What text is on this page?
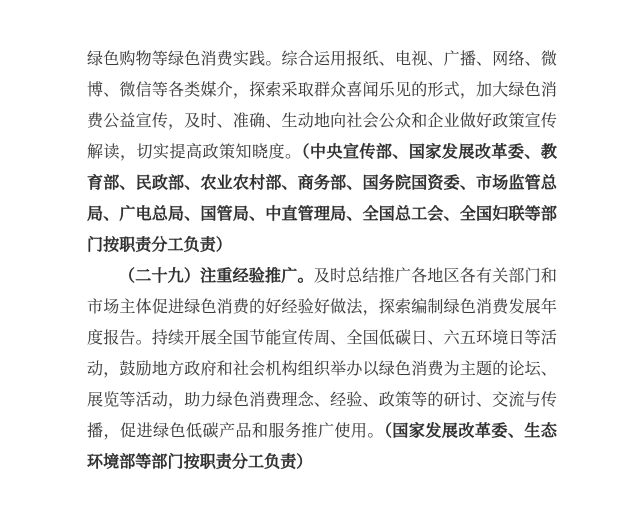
绿色购物等绿色消费实践。综合运用报纸、电视、广播、网络、微
博、微信等各类媒介，探索采取群众喜闻乐见的形式，加大绿色消
费公益宣传，及时、准确、生动地向社会公众和企业做好政策宣传
解读，切实提高政策知晓度。（中央宣传部、国家发展改革委、教
育部、民政部、农业农村部、商务部、国务院国资委、市场监管总
局、广电总局、国管局、中直管理局、全国总工会、全国妇联等部
门按职责分工负责）
（二十九）注重经验推广。及时总结推广各地区各有关部门和
市场主体促进绿色消费的好经验好做法，探索编制绿色消费发展年
度报告。持续开展全国节能宣传周、全国低碳日、六五环境日等活
动，鼓励地方政府和社会机构组织举办以绿色消费为主题的论坛、
展览等活动，助力绿色消费理念、经验、政策等的研讨、交流与传
播，促进绿色低碳产品和服务推广使用。（国家发展改革委、生态
环境部等部门按职责分工负责）
